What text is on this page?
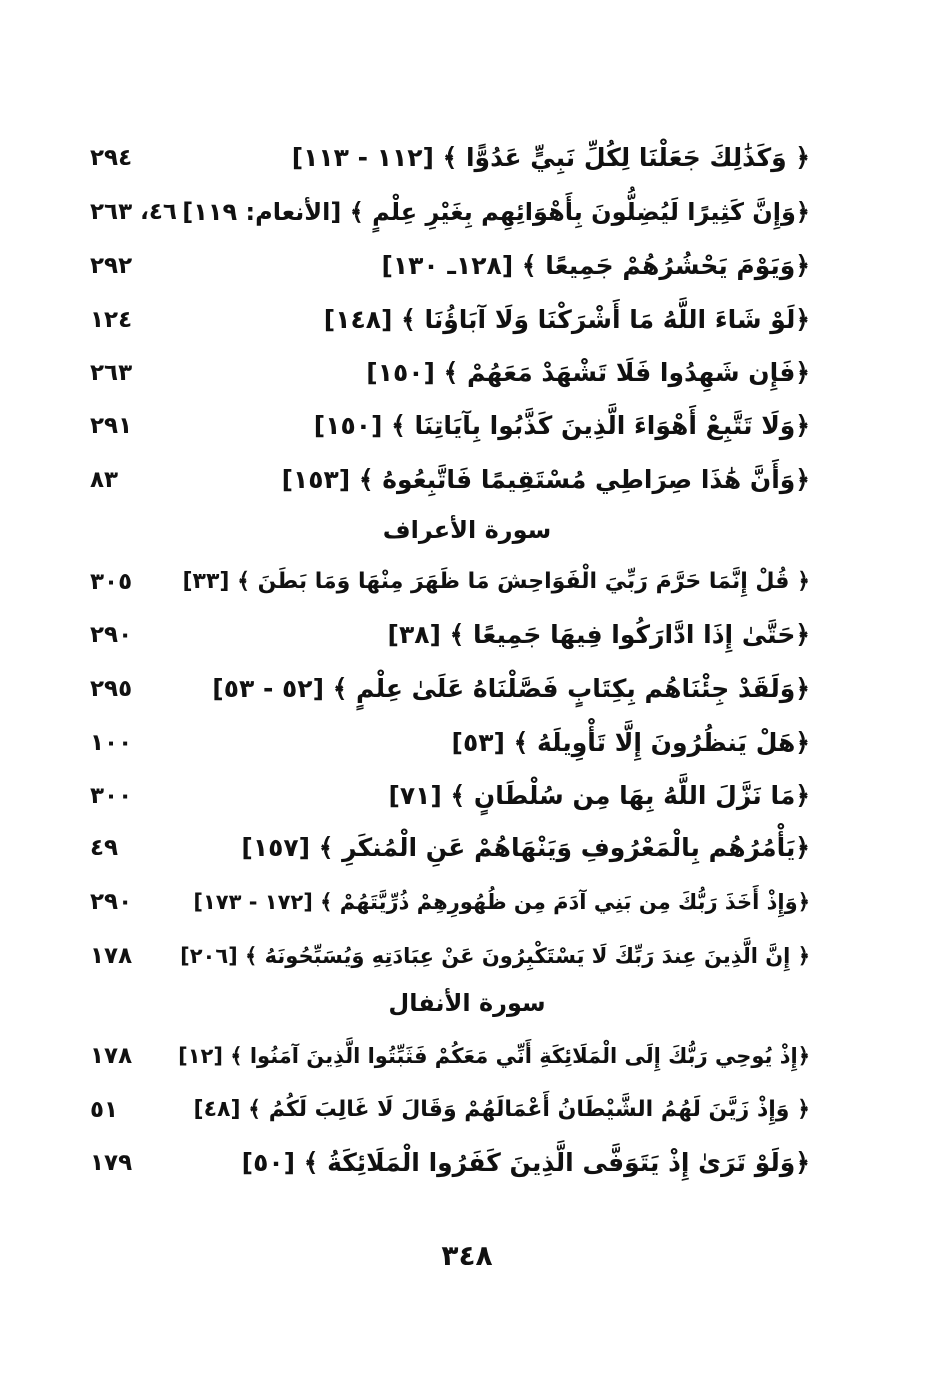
﴿ وَكَذَٰلِكَ جَعَلْنَا لِكُلِّ نَبِيٍّ عَدُوًّا ﴾ [١١٢ - ١١٣]
٢٩٤
﴿وَإِنَّ كَثِيرًا لَيُضِلُّونَ بِأَهْوَائِهِم بِغَيْرِ عِلْمٍ ﴾ [الأنعام: ١١٩]
٤٦، ٢٦٣
﴿وَيَوْمَ يَحْشُرُهُمْ جَمِيعًا ﴾ [١٢٨ـ ١٣٠]
٢٩٢
﴿لَوْ شَاءَ اللَّهُ مَا أَشْرَكْنَا وَلَا آبَاؤُنَا ﴾ [١٤٨]
١٢٤
﴿فَإِن شَهِدُوا فَلَا تَشْهَدْ مَعَهُمْ ﴾ [١٥٠]
٢٦٣
﴿وَلَا تَتَّبِعْ أَهْوَاءَ الَّذِينَ كَذَّبُوا بِآيَاتِنَا ﴾ [١٥٠]
٢٩١
﴿وَأَنَّ هَٰذَا صِرَاطِي مُسْتَقِيمًا فَاتَّبِعُوهُ ﴾ [١٥٣]
٨٣
سورة الأعراف
﴿ قُلْ إِنَّمَا حَرَّمَ رَبِّيَ الْفَوَاحِشَ مَا ظَهَرَ مِنْهَا وَمَا بَطَنَ ﴾ [٣٣]
٣٠٥
﴿حَتَّىٰ إِذَا ادَّارَكُوا فِيهَا جَمِيعًا ﴾ [٣٨]
٢٩٠
﴿وَلَقَدْ جِئْنَاهُم بِكِتَابٍ فَصَّلْنَاهُ عَلَىٰ عِلْمٍ ﴾ [٥٢ - ٥٣]
٢٩٥
﴿هَلْ يَنظُرُونَ إِلَّا تَأْوِيلَهُ ﴾ [٥٣]
١٠٠
﴿مَا نَزَّلَ اللَّهُ بِهَا مِن سُلْطَانٍ ﴾ [٧١]
٣٠٠
﴿يَأْمُرُهُم بِالْمَعْرُوفِ وَيَنْهَاهُمْ عَنِ الْمُنكَرِ ﴾ [١٥٧]
٤٩
﴿وَإِذْ أَخَذَ رَبُّكَ مِن بَنِي آدَمَ مِن ظُهُورِهِمْ ذُرِّيَّتَهُمْ ﴾ [١٧٢ - ١٧٣]
٢٩٠
﴿ إِنَّ الَّذِينَ عِندَ رَبِّكَ لَا يَسْتَكْبِرُونَ عَنْ عِبَادَتِهِ وَيُسَبِّحُونَهُ ﴾ [٢٠٦]
١٧٨
سورة الأنفال
﴿إِذْ يُوحِي رَبُّكَ إِلَى الْمَلَائِكَةِ أَنِّي مَعَكُمْ فَثَبِّتُوا الَّذِينَ آمَنُوا ﴾ [١٢]
١٧٨
﴿ وَإِذْ زَيَّنَ لَهُمُ الشَّيْطَانُ أَعْمَالَهُمْ وَقَالَ لَا غَالِبَ لَكُمُ ﴾ [٤٨]
٥١
﴿وَلَوْ تَرَىٰ إِذْ يَتَوَفَّى الَّذِينَ كَفَرُوا الْمَلَائِكَةُ ﴾ [٥٠]
١٧٩
٣٤٨
